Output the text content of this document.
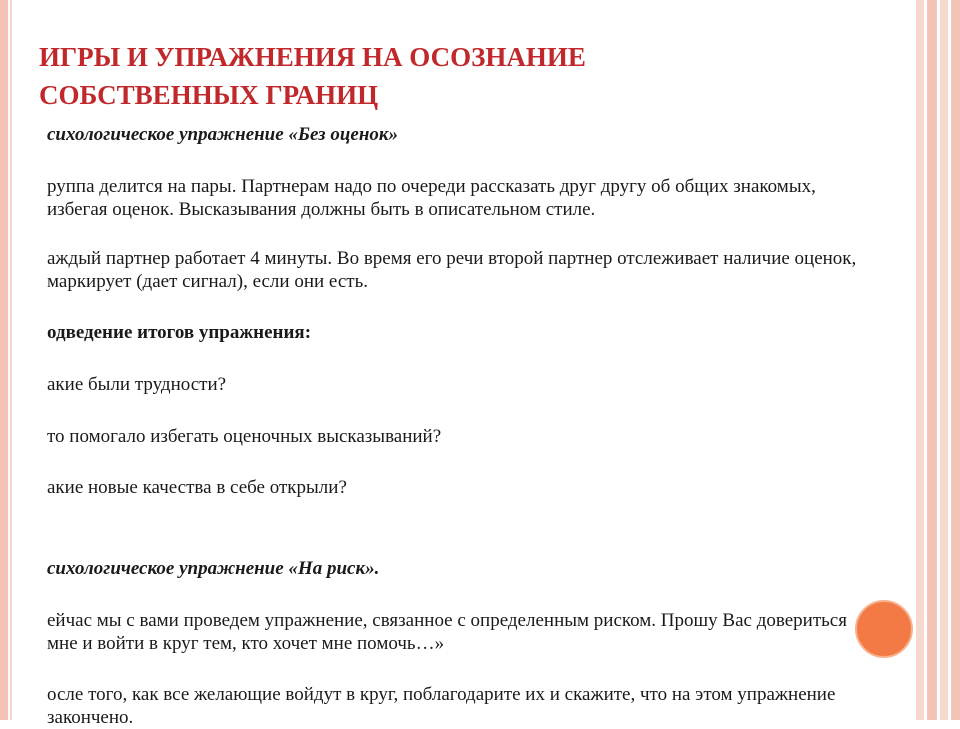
ИГРЫ И УПРАЖНЕНИЯ НА ОСОЗНАНИЕ
СОБСТВЕННЫХ ГРАНИЦ

сихологическое упражнение «Без оценок»

руппа делится на пары. Партнерам надо по очереди рассказать друг другу об общих знакомых, избегая оценок. Высказывания должны быть в описательном стиле.

аждый партнер работает 4 минуты. Во время его речи второй партнер отслеживает наличие оценок, маркирует (дает сигнал), если они есть.

одведение итогов упражнения:

акие были трудности?

то помогало избегать оценочных высказываний?

акие новые качества в себе открыли?

сихологическое упражнение «На риск».

ейчас мы с вами проведем упражнение, связанное с определенным риском. Прошу Вас довериться мне и войти в круг тем, кто хочет мне помочь…»

осле того, как все желающие войдут в круг, поблагодарите их и скажите, что на этом упражнение закончено.
